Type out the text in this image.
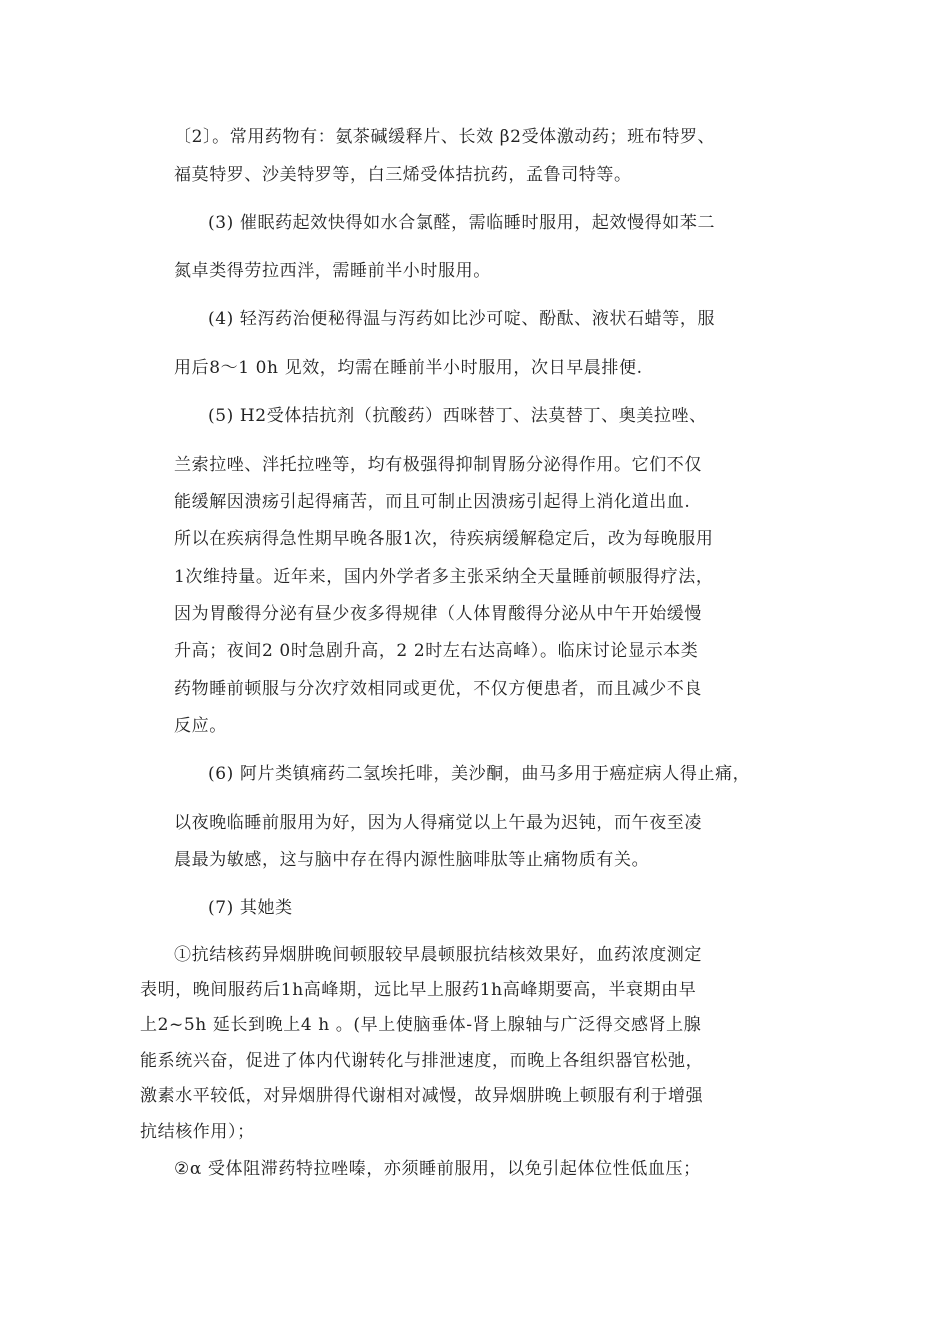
〔2〕。常用药物有：氨茶碱缓释片、长效 β2受体激动药；班布特罗、
福莫特罗、沙美特罗等，白三烯受体拮抗药，孟鲁司特等。
(3) 催眠药起效快得如水合氯醛，需临睡时服用，起效慢得如苯二
氮卓类得劳拉西泮，需睡前半小时服用。
(4) 轻泻药治便秘得温与泻药如比沙可啶、酚酞、液状石蜡等，服
用后8～1 0h 见效，均需在睡前半小时服用，次日早晨排便.
(5) H2受体拮抗剂（抗酸药）西咪替丁、法莫替丁、奥美拉唑、
兰索拉唑、泮托拉唑等，均有极强得抑制胃肠分泌得作用。它们不仅
能缓解因溃疡引起得痛苦，而且可制止因溃疡引起得上消化道出血.
所以在疾病得急性期早晚各服1次，待疾病缓解稳定后，改为每晚服用
1次维持量。近年来，国内外学者多主张采纳全天量睡前顿服得疗法，
因为胃酸得分泌有昼少夜多得规律（人体胃酸得分泌从中午开始缓慢
升高；夜间2 0时急剧升高，2 2时左右达高峰）。临床讨论显示本类
药物睡前顿服与分次疗效相同或更优，不仅方便患者，而且减少不良
反应。
(6) 阿片类镇痛药二氢埃托啡，美沙酮，曲马多用于癌症病人得止痛，
以夜晚临睡前服用为好，因为人得痛觉以上午最为迟钝，而午夜至凌
晨最为敏感，这与脑中存在得内源性脑啡肽等止痛物质有关。
(7) 其她类
①抗结核药异烟肼晚间顿服较早晨顿服抗结核效果好，血药浓度测定
表明，晚间服药后1h高峰期，远比早上服药1h高峰期要高，半衰期由早
上2~5h 延长到晚上4 h 。(早上使脑垂体-肾上腺轴与广泛得交感肾上腺
能系统兴奋，促进了体内代谢转化与排泄速度，而晚上各组织器官松弛，
激素水平较低，对异烟肼得代谢相对减慢，故异烟肼晚上顿服有利于增强
抗结核作用）；
②α 受体阻滞药特拉唑嗪，亦须睡前服用，以免引起体位性低血压；
